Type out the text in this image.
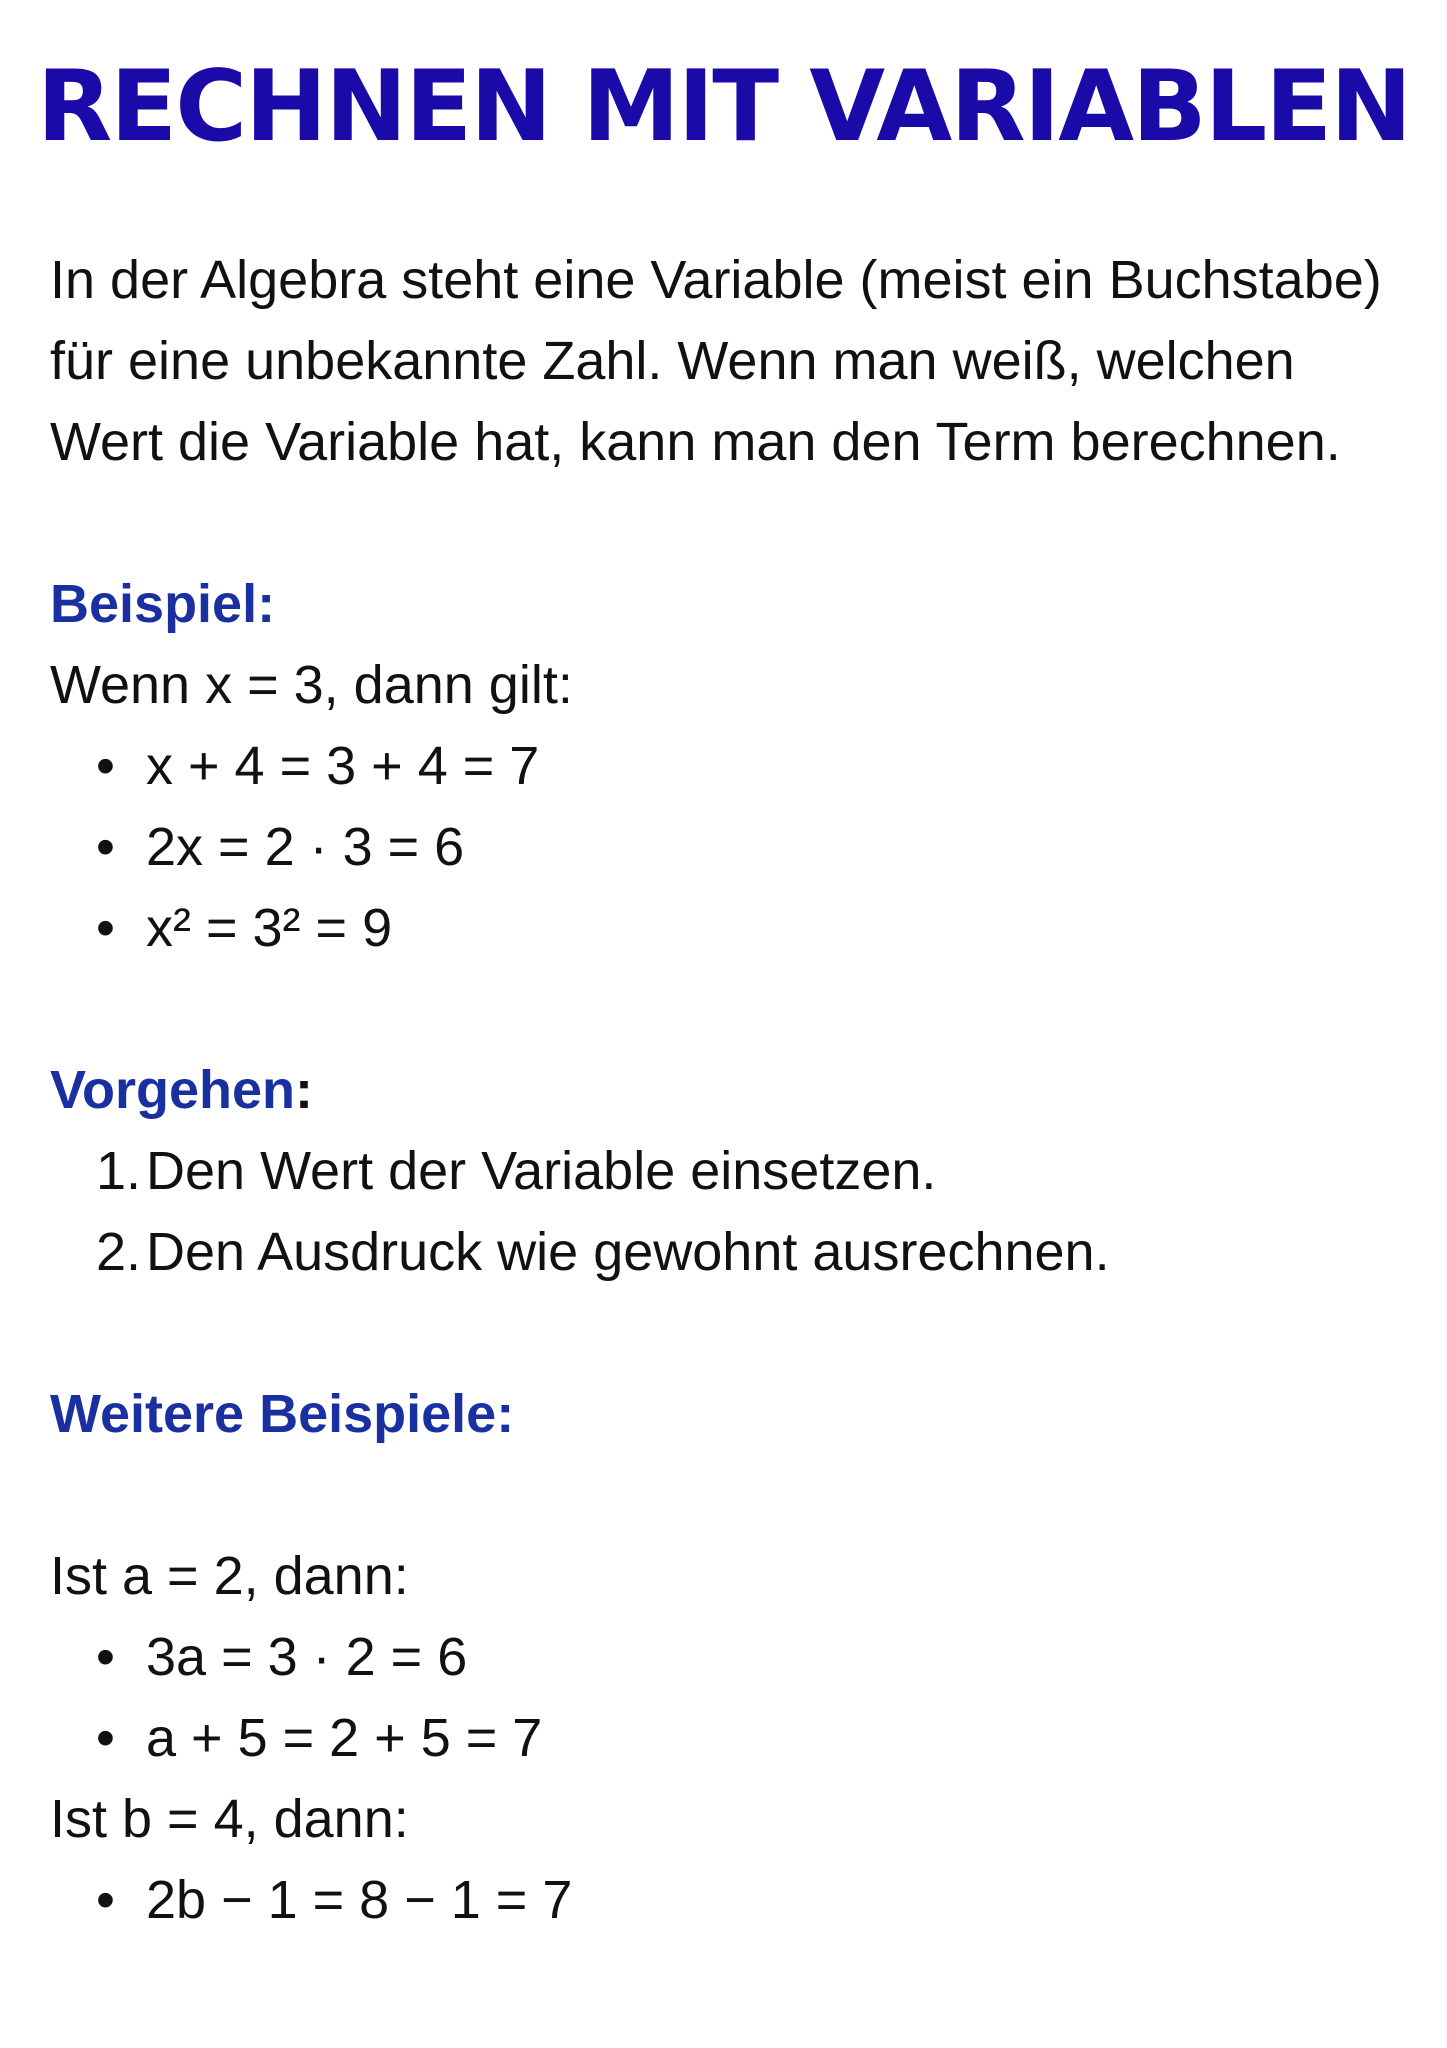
RECHNEN MIT VARIABLEN

In der Algebra steht eine Variable (meist ein Buchstabe) für eine unbekannte Zahl. Wenn man weiß, welchen Wert die Variable hat, kann man den Term berechnen.

Beispiel:

Wenn x = 3, dann gilt:

• x + 4 = 3 + 4 = 7
• 2x = 2 · 3 = 6
• x² = 3² = 9

Vorgehen:

1. Den Wert der Variable einsetzen.
2. Den Ausdruck wie gewohnt ausrechnen.

Weitere Beispiele:

Ist a = 2, dann:

• 3a = 3 · 2 = 6
• a + 5 = 2 + 5 = 7

Ist b = 4, dann:

• 2b − 1 = 8 − 1 = 7
